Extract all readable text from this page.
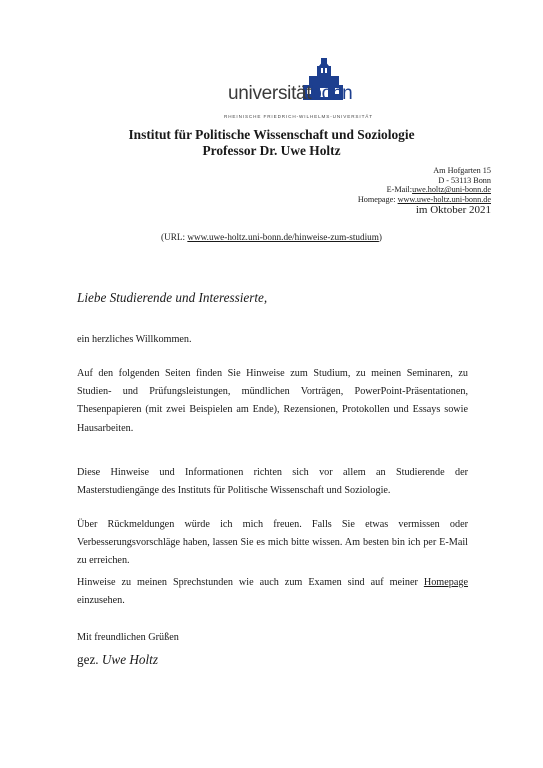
universitätbonn
RHEINISCHE FRIEDRICH-WILHELMS-UNIVERSITÄT
Institut für Politische Wissenschaft und Soziologie
Professor Dr. Uwe Holtz
Am Hofgarten 15
D - 53113 Bonn
E-Mail:uwe.holtz@uni-bonn.de
Homepage: www.uwe-holtz.uni-bonn.de
im Oktober 2021
(URL: www.uwe-holtz.uni-bonn.de/hinweise-zum-studium)
Liebe Studierende und Interessierte,
ein herzliches Willkommen.
Auf den folgenden Seiten finden Sie Hinweise zum Studium, zu meinen Seminaren, zu Studien- und Prüfungsleistungen, mündlichen Vorträgen, PowerPoint-Präsentationen, Thesenpapieren (mit zwei Beispielen am Ende), Rezensionen, Protokollen und Essays sowie Hausarbeiten.
Diese Hinweise und Informationen richten sich vor allem an Studierende der Masterstudiengänge des Instituts für Politische Wissenschaft und Soziologie.
Über Rückmeldungen würde ich mich freuen. Falls Sie etwas vermissen oder Verbesserungsvorschläge haben, lassen Sie es mich bitte wissen. Am besten bin ich per E-Mail zu erreichen.
Hinweise zu meinen Sprechstunden wie auch zum Examen sind auf meiner Homepage einzusehen.
Mit freundlichen Grüßen
gez. Uwe Holtz
